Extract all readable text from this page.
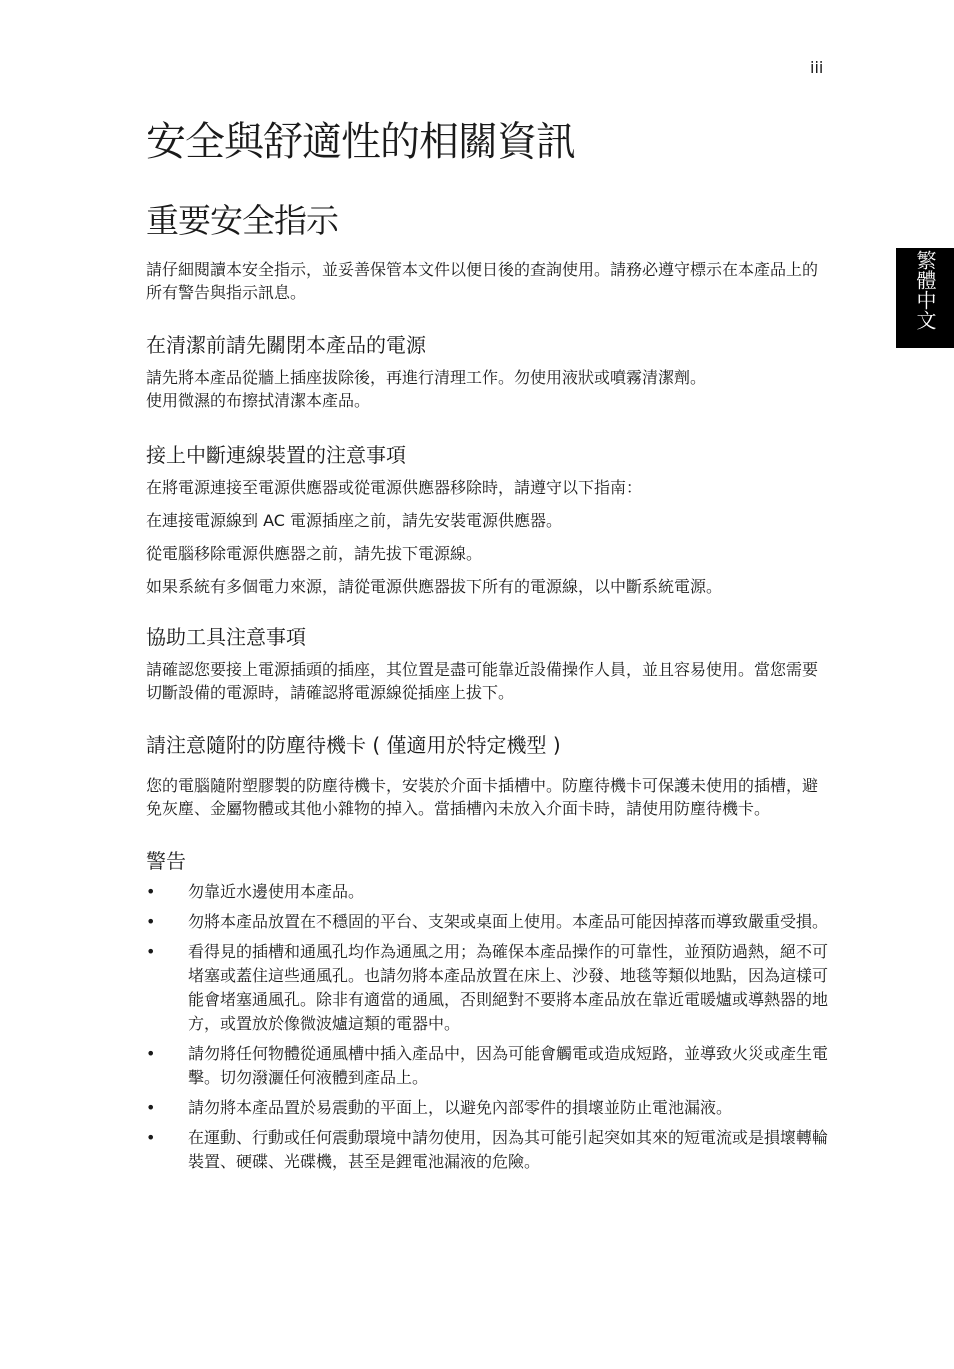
iii
繁體中文
安全與舒適性的相關資訊
重要安全指示

請仔細閱讀本安全指示，並妥善保管本文件以便日後的查詢使用。請務必遵守標示在本產品上的所有警告與指示訊息。

在清潔前請先關閉本產品的電源

請先將本產品從牆上插座拔除後，再進行清理工作。勿使用液狀或噴霧清潔劑。

使用微濕的布擦拭清潔本產品。

接上中斷連線裝置的注意事項

在將電源連接至電源供應器或從電源供應器移除時，請遵守以下指南：

在連接電源線到 AC 電源插座之前，請先安裝電源供應器。

從電腦移除電源供應器之前，請先拔下電源線。

如果系統有多個電力來源，請從電源供應器拔下所有的電源線，以中斷系統電源。

協助工具注意事項

請確認您要接上電源插頭的插座，其位置是盡可能靠近設備操作人員，並且容易使用。當您需要切斷設備的電源時，請確認將電源線從插座上拔下。

請注意隨附的防塵待機卡 ( 僅適用於特定機型 )

您的電腦隨附塑膠製的防塵待機卡，安裝於介面卡插槽中。防塵待機卡可保護未使用的插槽，避免灰塵、金屬物體或其他小雜物的掉入。當插槽內未放入介面卡時，請使用防塵待機卡。

警告
• 勿靠近水邊使用本產品。
• 勿將本產品放置在不穩固的平台、支架或桌面上使用。本產品可能因掉落而導致嚴重受損。
• 看得見的插槽和通風孔均作為通風之用；為確保本產品操作的可靠性，並預防過熱，絕不可堵塞或蓋住這些通風孔。也請勿將本產品放置在床上、沙發、地毯等類似地點，因為這樣可能會堵塞通風孔。除非有適當的通風，否則絕對不要將本產品放在靠近電暖爐或導熱器的地方，或置放於像微波爐這類的電器中。
• 請勿將任何物體從通風槽中插入產品中，因為可能會觸電或造成短路，並導致火災或產生電擊。切勿潑灑任何液體到產品上。
• 請勿將本產品置於易震動的平面上，以避免內部零件的損壞並防止電池漏液。
• 在運動、行動或任何震動環境中請勿使用，因為其可能引起突如其來的短電流或是損壞轉輪裝置、硬碟、光碟機，甚至是鋰電池漏液的危險。
